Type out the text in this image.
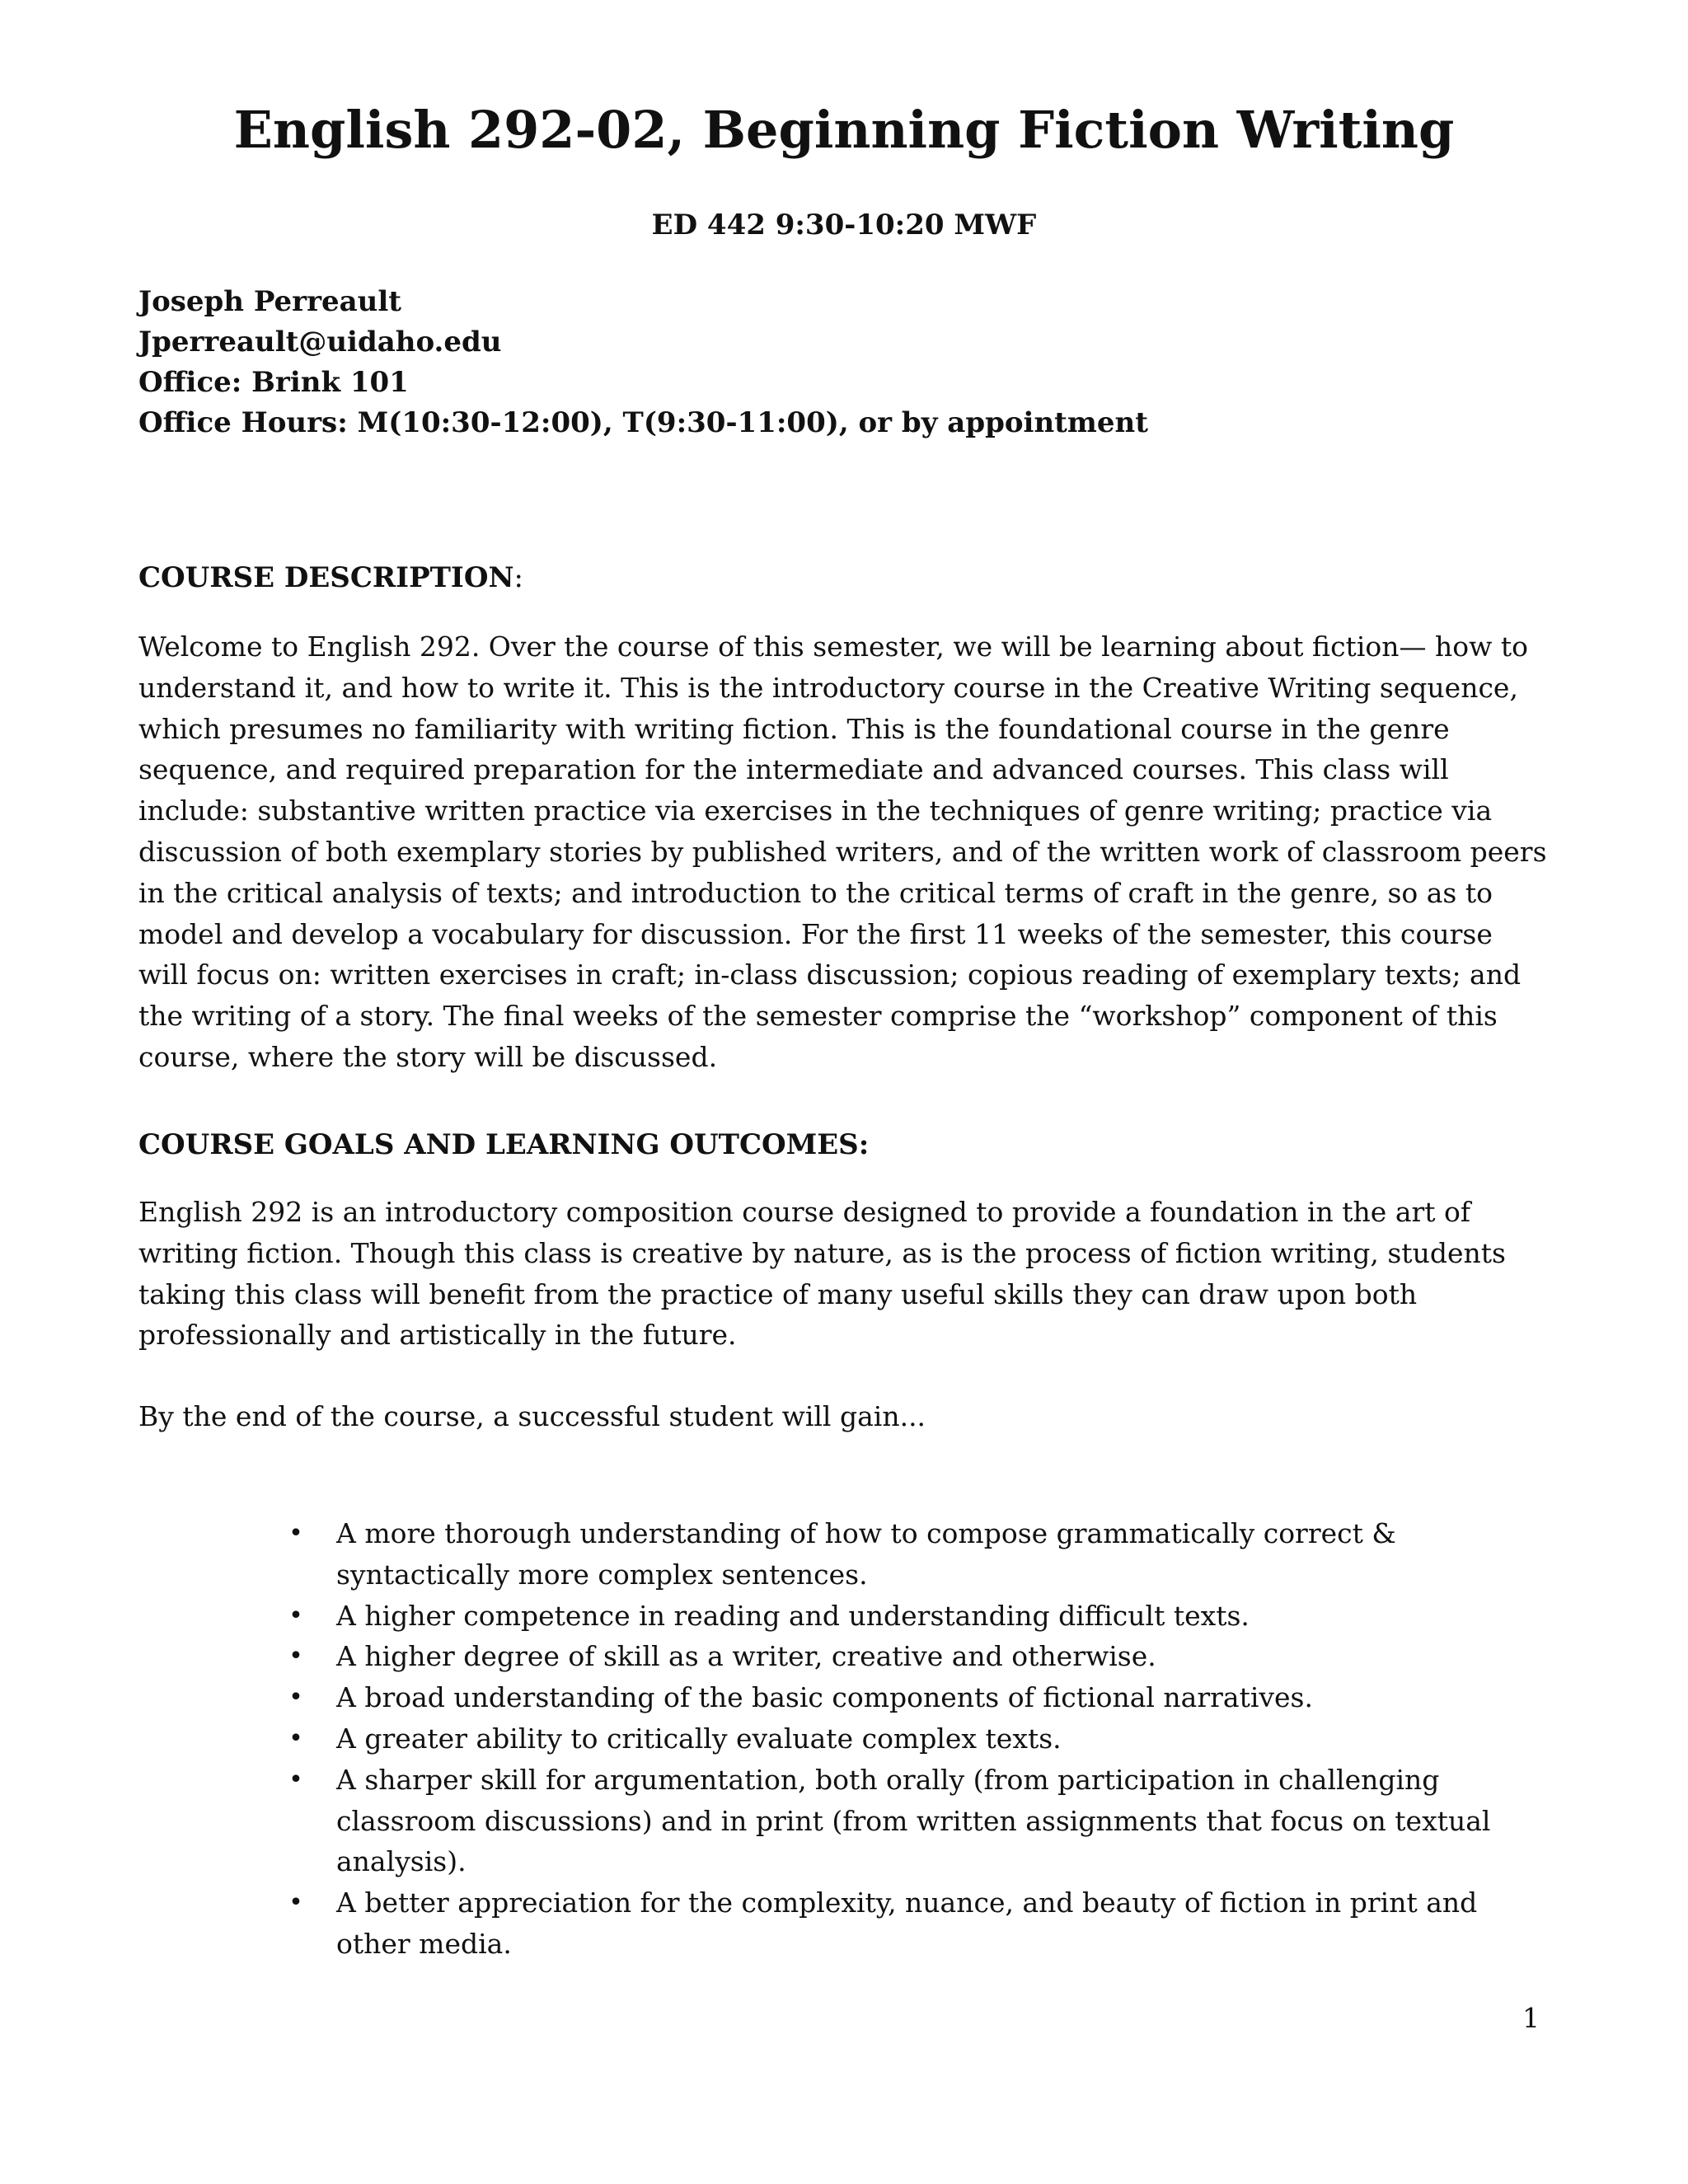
English 292-02, Beginning Fiction Writing
ED 442 9:30-10:20 MWF
Joseph Perreault
Jperreault@uidaho.edu
Office: Brink 101
Office Hours: M(10:30-12:00), T(9:30-11:00), or by appointment
COURSE DESCRIPTION:

Welcome to English 292. Over the course of this semester, we will be learning about fiction— how to understand it, and how to write it. This is the introductory course in the Creative Writing sequence, which presumes no familiarity with writing fiction. This is the foundational course in the genre sequence, and required preparation for the intermediate and advanced courses. This class will include: substantive written practice via exercises in the techniques of genre writing; practice via discussion of both exemplary stories by published writers, and of the written work of classroom peers in the critical analysis of texts; and introduction to the critical terms of craft in the genre, so as to model and develop a vocabulary for discussion. For the first 11 weeks of the semester, this course will focus on: written exercises in craft; in-class discussion; copious reading of exemplary texts; and the writing of a story. The final weeks of the semester comprise the “workshop” component of this course, where the story will be discussed.

COURSE GOALS AND LEARNING OUTCOMES:

English 292 is an introductory composition course designed to provide a foundation in the art of writing fiction. Though this class is creative by nature, as is the process of fiction writing, students taking this class will benefit from the practice of many useful skills they can draw upon both professionally and artistically in the future.

By the end of the course, a successful student will gain...

• A more thorough understanding of how to compose grammatically correct & syntactically more complex sentences.
• A higher competence in reading and understanding difficult texts.
• A higher degree of skill as a writer, creative and otherwise.
• A broad understanding of the basic components of fictional narratives.
• A greater ability to critically evaluate complex texts.
• A sharper skill for argumentation, both orally (from participation in challenging classroom discussions) and in print (from written assignments that focus on textual analysis).
• A better appreciation for the complexity, nuance, and beauty of fiction in print and other media.
1
